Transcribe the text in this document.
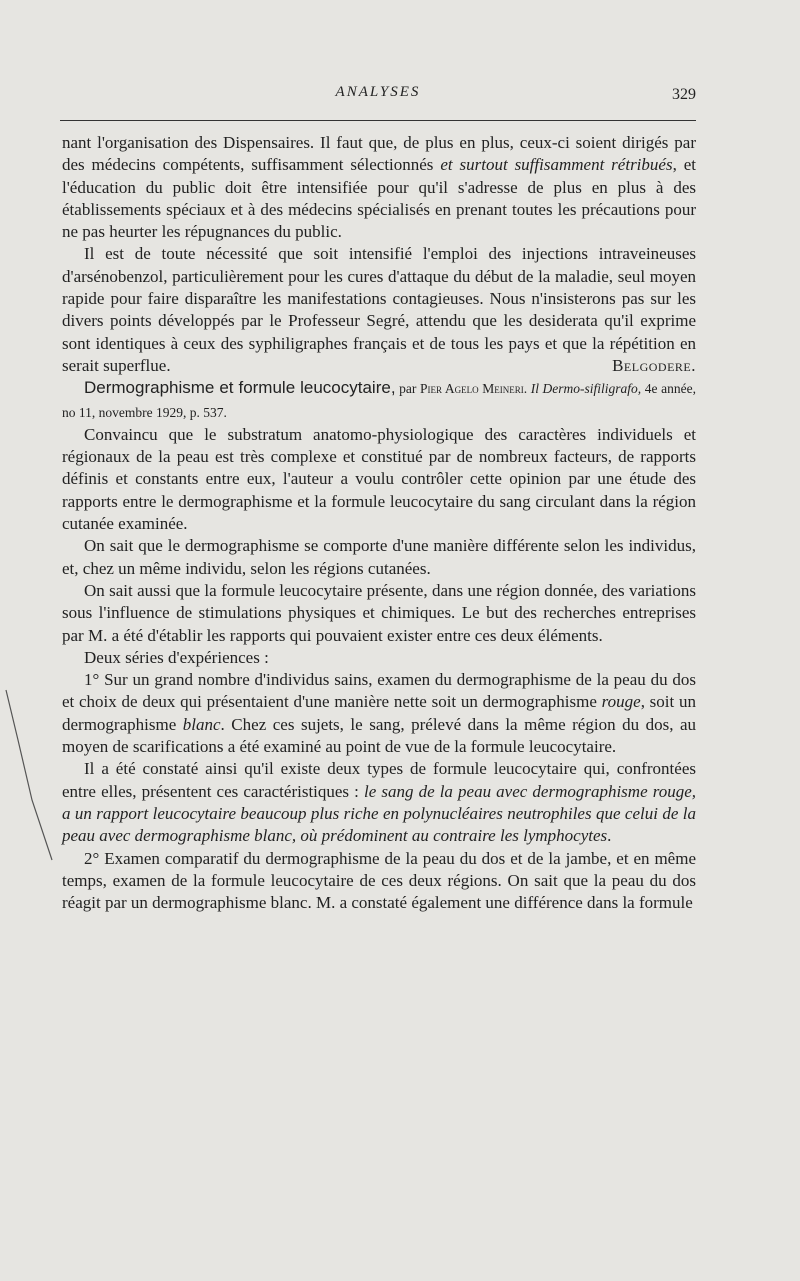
ANALYSES	329

nant l'organisation des Dispensaires. Il faut que, de plus en plus, ceux-ci soient dirigés par des médecins compétents, suffisamment sélectionnés et surtout suffisamment rétribués, et l'éducation du public doit être intensifiée pour qu'il s'adresse de plus en plus à des établissements spéciaux et à des médecins spécialisés en prenant toutes les précautions pour ne pas heurter les répugnances du public.

Il est de toute nécessité que soit intensifié l'emploi des injections intraveineuses d'arsénobenzol, particulièrement pour les cures d'attaque du début de la maladie, seul moyen rapide pour faire disparaître les manifestations contagieuses. Nous n'insisterons pas sur les divers points développés par le Professeur Segré, attendu que les desiderata qu'il exprime sont identiques à ceux des syphiligraphes français et de tous les pays et que la répétition en serait superflue.	Belgodere.

Dermographisme et formule leucocytaire, par Pier Agelo Meineri. Il Dermo-sifiligrafo, 4e année, no 11, novembre 1929, p. 537.

Convaincu que le substratum anatomo-physiologique des caractères individuels et régionaux de la peau est très complexe et constitué par de nombreux facteurs, de rapports définis et constants entre eux, l'auteur a voulu contrôler cette opinion par une étude des rapports entre le dermographisme et la formule leucocytaire du sang circulant dans la région cutanée examinée.

On sait que le dermographisme se comporte d'une manière différente selon les individus, et, chez un même individu, selon les régions cutanées.

On sait aussi que la formule leucocytaire présente, dans une région donnée, des variations sous l'influence de stimulations physiques et chimiques. Le but des recherches entreprises par M. a été d'établir les rapports qui pouvaient exister entre ces deux éléments.

Deux séries d'expériences :

1° Sur un grand nombre d'individus sains, examen du dermographisme de la peau du dos et choix de deux qui présentaient d'une manière nette soit un dermographisme rouge, soit un dermographisme blanc. Chez ces sujets, le sang, prélevé dans la même région du dos, au moyen de scarifications a été examiné au point de vue de la formule leucocytaire.

Il a été constaté ainsi qu'il existe deux types de formule leucocytaire qui, confrontées entre elles, présentent ces caractéristiques : le sang de la peau avec dermographisme rouge, a un rapport leucocytaire beaucoup plus riche en polynucléaires neutrophiles que celui de la peau avec dermographisme blanc, où prédominent au contraire les lymphocytes.

2° Examen comparatif du dermographisme de la peau du dos et de la jambe, et en même temps, examen de la formule leucocytaire de ces deux régions. On sait que la peau du dos réagit par un dermographisme blanc. M. a constaté également une différence dans la formule
